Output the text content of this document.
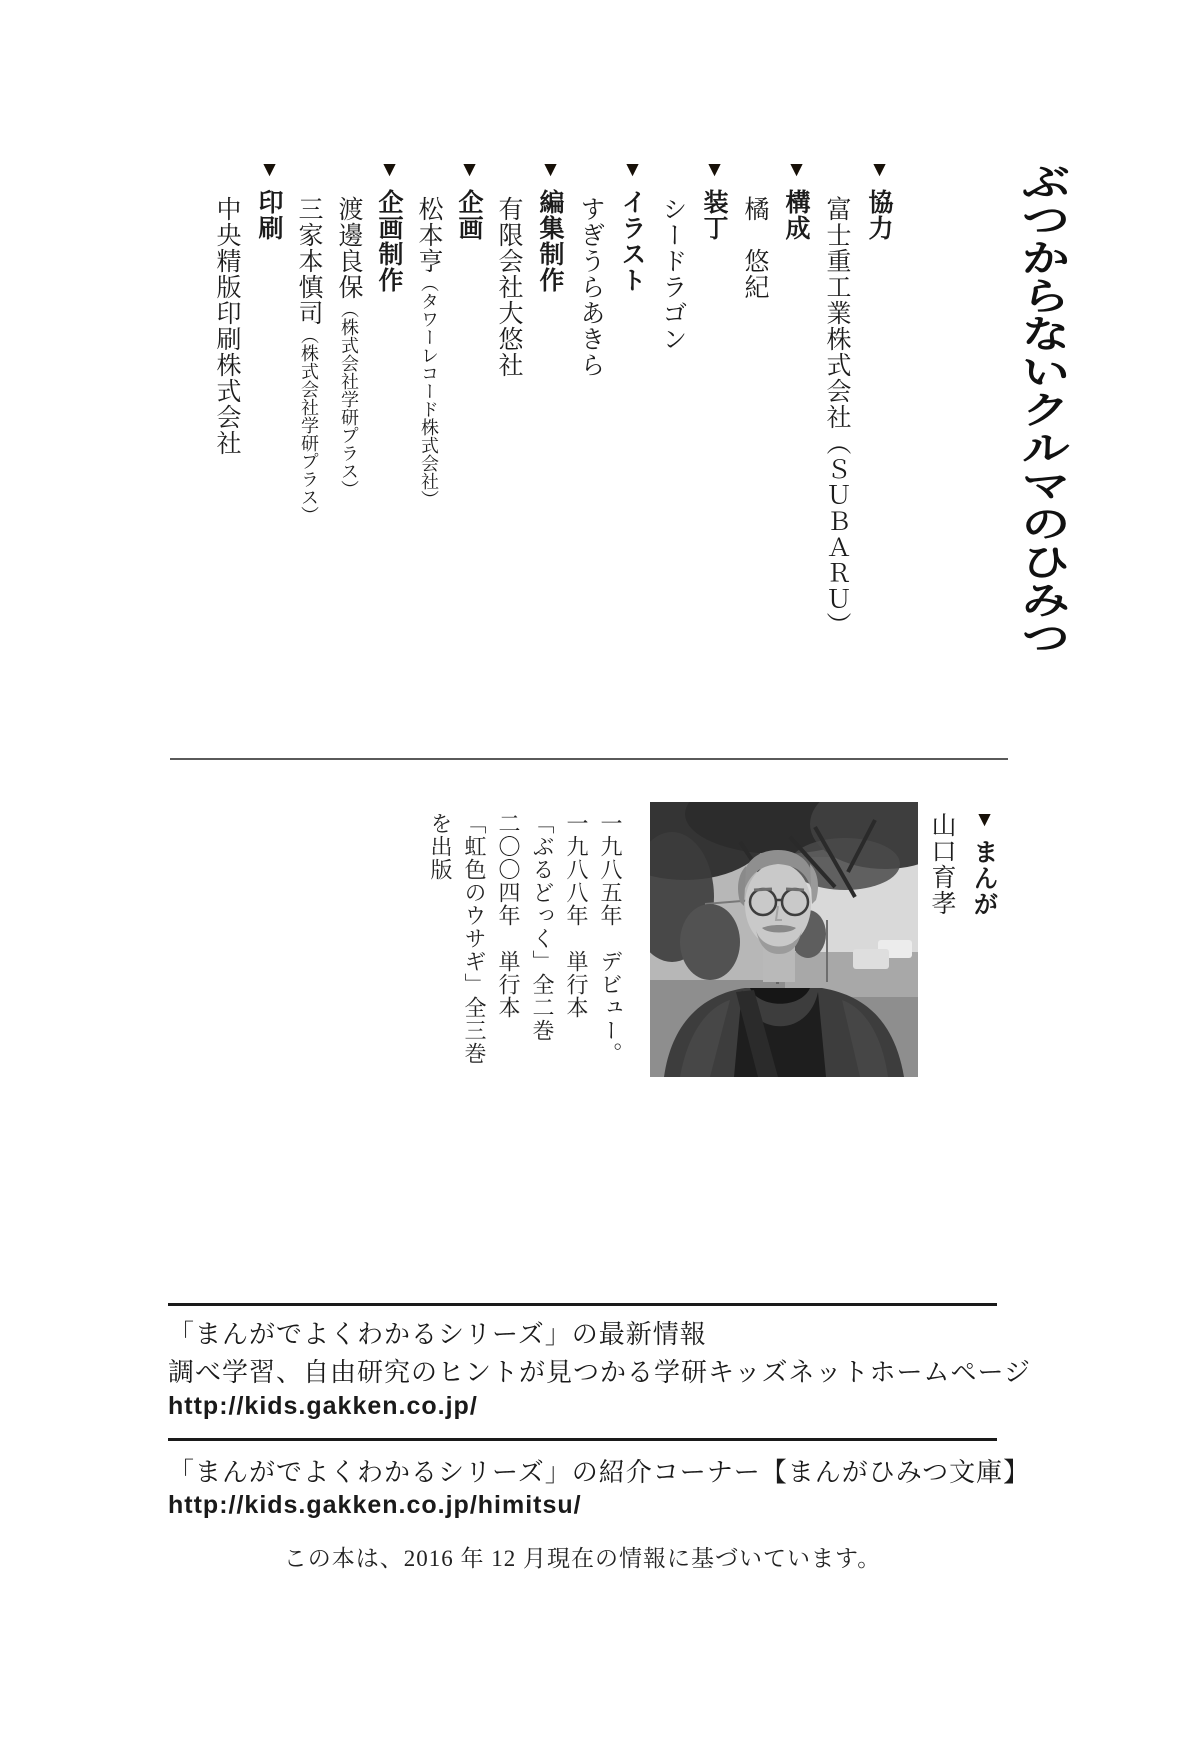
ぶつからないクルマのひみつ
▼協力
富士重工業株式会社（ＳＵＢＡＲＵ）
▼構成
橘　悠紀
▼装丁
シードラゴン
▼イラスト
すぎうらあきら
▼編集制作
有限会社大悠社
▼企画
松本亨（タワーレコード株式会社）
▼企画制作
渡邊良保（株式会社学研プラス）
三家本慎司（株式会社学研プラス）
▼印刷
中央精版印刷株式会社
▼まんが
山口育孝
一九八五年　デビュー。
一九八八年　単行本
「ぶるどっく」全二巻
二〇〇四年　単行本
「虹色のウサギ」全三巻
を出版
「まんがでよくわかるシリーズ」の最新情報
調べ学習、自由研究のヒントが見つかる学研キッズネットホームページ
http://kids.gakken.co.jp/
「まんがでよくわかるシリーズ」の紹介コーナー【まんがひみつ文庫】
http://kids.gakken.co.jp/himitsu/
この本は、2016 年 12 月現在の情報に基づいています。
